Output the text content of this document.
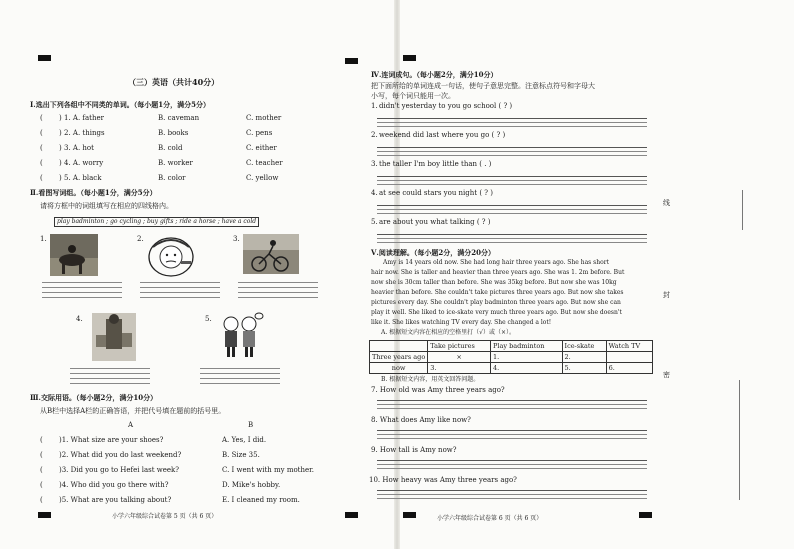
（三）英语（共计40分）
Ⅰ.选出下列各组中不同类的单词。（每小题1分，满分5分）
( ) 1. A. father	B. caveman	C. mother
( ) 2. A. things	B. books	C. pens
( ) 3. A. hot	B. cold	C. either
( ) 4. A. worry	B. worker	C. teacher
( ) 5. A. black	B. color	C. yellow
Ⅱ.看图写词组。（每小题1分，满分5分）
请将方框中的词组填写在相应的四线格内。
play badminton ; go cycling ; buy gifts ; ride a horse ; have a cold
1.	2.	3.
4.	5.
Ⅲ.交际用语。（每小题2分，满分10分）
从B栏中选择A栏的正确答语，并把代号填在题前的括号里。
A	B
( )1. What size are your shoes?	A. Yes, I did.
( )2. What did you do last weekend?	B. Size 35.
( )3. Did you go to Hefei last week?	C. I went with my mother.
( )4. Who did you go there with?	D. Mike's hobby.
( )5. What are you talking about?	E. I cleaned my room.
小学六年级综合试卷第 5 页（共 6 页）
Ⅳ.连词成句。（每小题2分，满分10分）
把下面所给的单词连成一句话，使句子意思完整。注意标点符号和字母大
小写，每个词只能用一次。
1. didn't yesterday to you go school ( ? )
2. weekend did last where you go ( ? )
3. the taller I'm boy little than ( . )
4. at see could stars you night ( ? )
5. are about you what talking ( ? )
Ⅴ.阅读理解。（每小题2分，满分20分）
Amy is 14 years old now. She had long hair three years ago. She has short
hair now. She is taller and heavier than three years ago. She was 1. 2m before. But
now she is 30cm taller than before. She was 35kg before. But now she was 10kg
heavier than before. She couldn't take pictures three years ago. But now she takes
pictures every day. She couldn't play badminton three years ago. But now she can
play it well. She liked to ice-skate very much three years ago. But now she doesn't
like it. She likes watching TV every day. She changed a lot!
A. 根据短文内容在相应的空格里打（√）或（×）。
	Take pictures	Play badminton	Ice-skate	Watch TV
Three years ago	×	1.	2.	
now	3.	4.	5.	6.
B. 根据短文内容，用英文回答问题。
7. How old was Amy three years ago?
8. What does Amy like now?
9. How tall is Amy now?
10. How heavy was Amy three years ago?
小学六年级综合试卷第 6 页（共 6 页）
线
封
密
